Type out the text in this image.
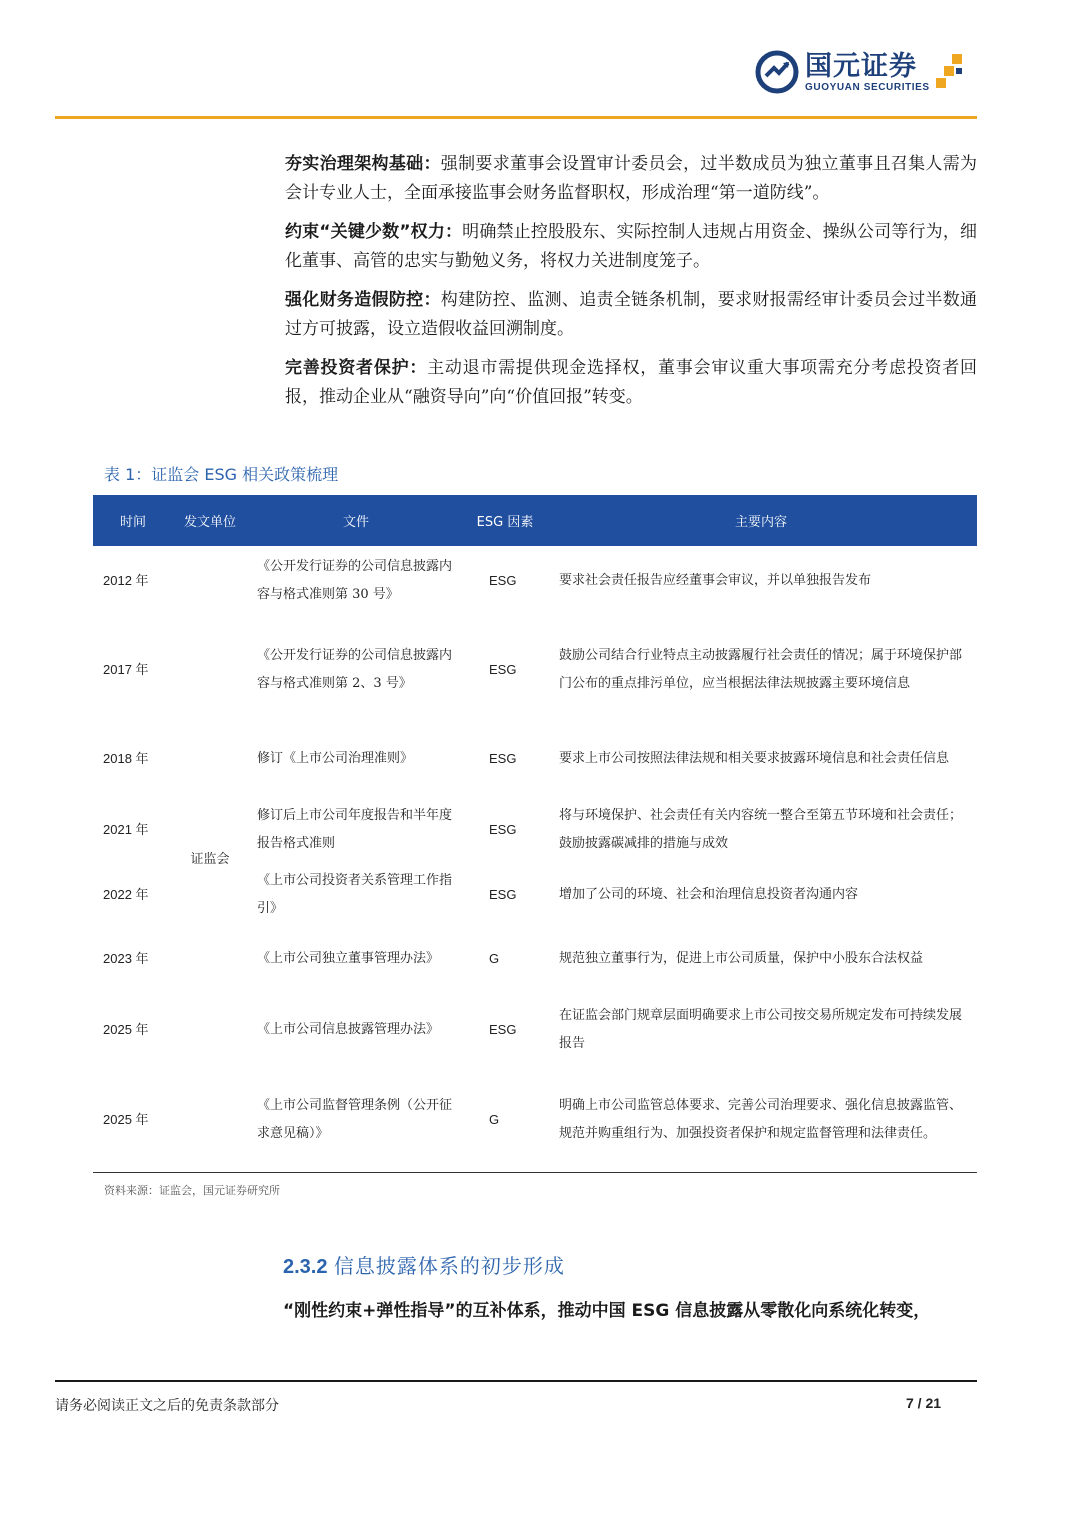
国元证券
GUOYUAN SECURITIES

夯实治理架构基础：强制要求董事会设置审计委员会，过半数成员为独立董事且召集人需为会计专业人士，全面承接监事会财务监督职权，形成治理“第一道防线”。

约束“关键少数”权力：明确禁止控股股东、实际控制人违规占用资金、操纵公司等行为，细化董事、高管的忠实与勤勉义务，将权力关进制度笼子。

强化财务造假防控：构建防控、监测、追责全链条机制，要求财报需经审计委员会过半数通过方可披露，设立造假收益回溯制度。

完善投资者保护：主动退市需提供现金选择权，董事会审议重大事项需充分考虑投资者回报，推动企业从“融资导向”向“价值回报”转变。

表 1：证监会 ESG 相关政策梳理
时间	发文单位	文件	ESG 因素	主要内容
2012 年	证监会	《公开发行证券的公司信息披露内容与格式准则第 30 号》	ESG	要求社会责任报告应经董事会审议，并以单独报告发布
2017 年		《公开发行证券的公司信息披露内容与格式准则第 2、3 号》	ESG	鼓励公司结合行业特点主动披露履行社会责任的情况；属于环境保护部门公布的重点排污单位，应当根据法律法规披露主要环境信息
2018 年		修订《上市公司治理准则》	ESG	要求上市公司按照法律法规和相关要求披露环境信息和社会责任信息
2021 年		修订后上市公司年度报告和半年度报告格式准则	ESG	将与环境保护、社会责任有关内容统一整合至第五节环境和社会责任；鼓励披露碳减排的措施与成效
2022 年		《上市公司投资者关系管理工作指引》	ESG	增加了公司的环境、社会和治理信息投资者沟通内容
2023 年		《上市公司独立董事管理办法》	G	规范独立董事行为，促进上市公司质量，保护中小股东合法权益
2025 年		《上市公司信息披露管理办法》	ESG	在证监会部门规章层面明确要求上市公司按交易所规定发布可持续发展报告
2025 年		《上市公司监督管理条例（公开征求意见稿）》	G	明确上市公司监管总体要求、完善公司治理要求、强化信息披露监管、规范并购重组行为、加强投资者保护和规定监督管理和法律责任。
资料来源：证监会，国元证券研究所
2.3.2 信息披露体系的初步形成
“刚性约束+弹性指导”的互补体系，推动中国 ESG 信息披露从零散化向系统化转变，
请务必阅读正文之后的免责条款部分	7 / 21
